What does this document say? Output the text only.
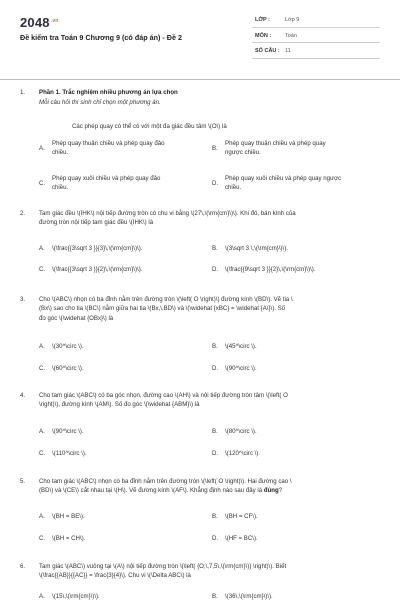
$2048^{.vn}$
Đề kiểm tra Toán 9 Chương 9 (có đáp án) - Đề 2
LỚP :	Lớp 9
MÔN :	Toán
SỐ CÂU : 11
1. Phần 1. Trắc nghiệm nhiều phương án lựa chọn
Mỗi câu hỏi thí sinh chỉ chọn một phương án.
Các phép quay có thể có với một đa giác đều tâm \(O\) là
A.
Phép quay thuận chiều và phép quay đảo
chiều.
B.
Phép quay thuận chiều và phép quay
ngược chiều.
C.
Phép quay xuôi chiều và phép quay đảo
chiều.
D.
Phép quay xuôi chiều và phép quay ngược
chiều.
2. Tam giác đều \(IHK\) nội tiếp đường tròn có chu vi bằng \(27\,\(\rm{cm}\)\). Khi đó, bán kính của
đường tròn nội tiếp tam giác đều \(IHK\) là
A. \(\frac{{3\sqrt 3 }}{3}\,\(\rm{cm}\)\).	B. \(3\sqrt 3 \,\(\rm{cm}\)\).
C. \(\frac{{3\sqrt 3 }}{2}\,\(\rm{cm}\)\).	D. \(\frac{{9\sqrt 3 }}{2}\,\(\rm{cm}\)\).
3. Cho \(ABC\) nhọn có ba đỉnh nằm trên đường tròn \(\left( O \right)\) đường kính \(BD\). Vẽ tia \
(Bx\) sao cho tia \(BC\) nằm giữa hai tia \(Bx,\,BD\) và \(\widehat {xBC} = \widehat {A\}\). Số
đo góc \(\widehat {OBx}\) là
A. \(30^\circ \).	B. \(45^\circ \).
C. \(60^\circ \).	D. \(90^\circ \).
4. Cho tam giác \(ABC\) có ba góc nhọn, đường cao \(AH\) và nội tiếp đường tròn tâm \(\left( O
\right)\), đường kính \(AM\). Số đo góc \(\widehat {ABM}\) là
A. \(90^\circ \).	B. \(80^\circ \).
C. \(110^\circ \).	D. \(120^\circ \).
5. Cho tam giác \(ABC\) nhọn có ba đỉnh nằm trên đường tròn \(\left( O \right)\). Hai đường cao \
(BD\) và \(CE\) cắt nhau tại \(H\). Vẽ đường kính \(AF\). Khẳng định nào sau đây là đúng?
A. \(BH = BE\).	B. \(BH = CF\).
C. \(BH = CH\).	D. \(HF = BC\).
6. Tam giác \(ABC\) vuông tại \(A\) nội tiếp đường tròn \(\left( {O;\,7,5\,\(\rm{cm}\)} \right)\). Biết
\(\frac{{AB}}{{AC}} = \frac{3}{4}\). Chu vi \(\Delta ABC\) là
A. \(15\,\(\rm{cm}\)\).	B. \(36\,\(\rm{cm}\)\).
